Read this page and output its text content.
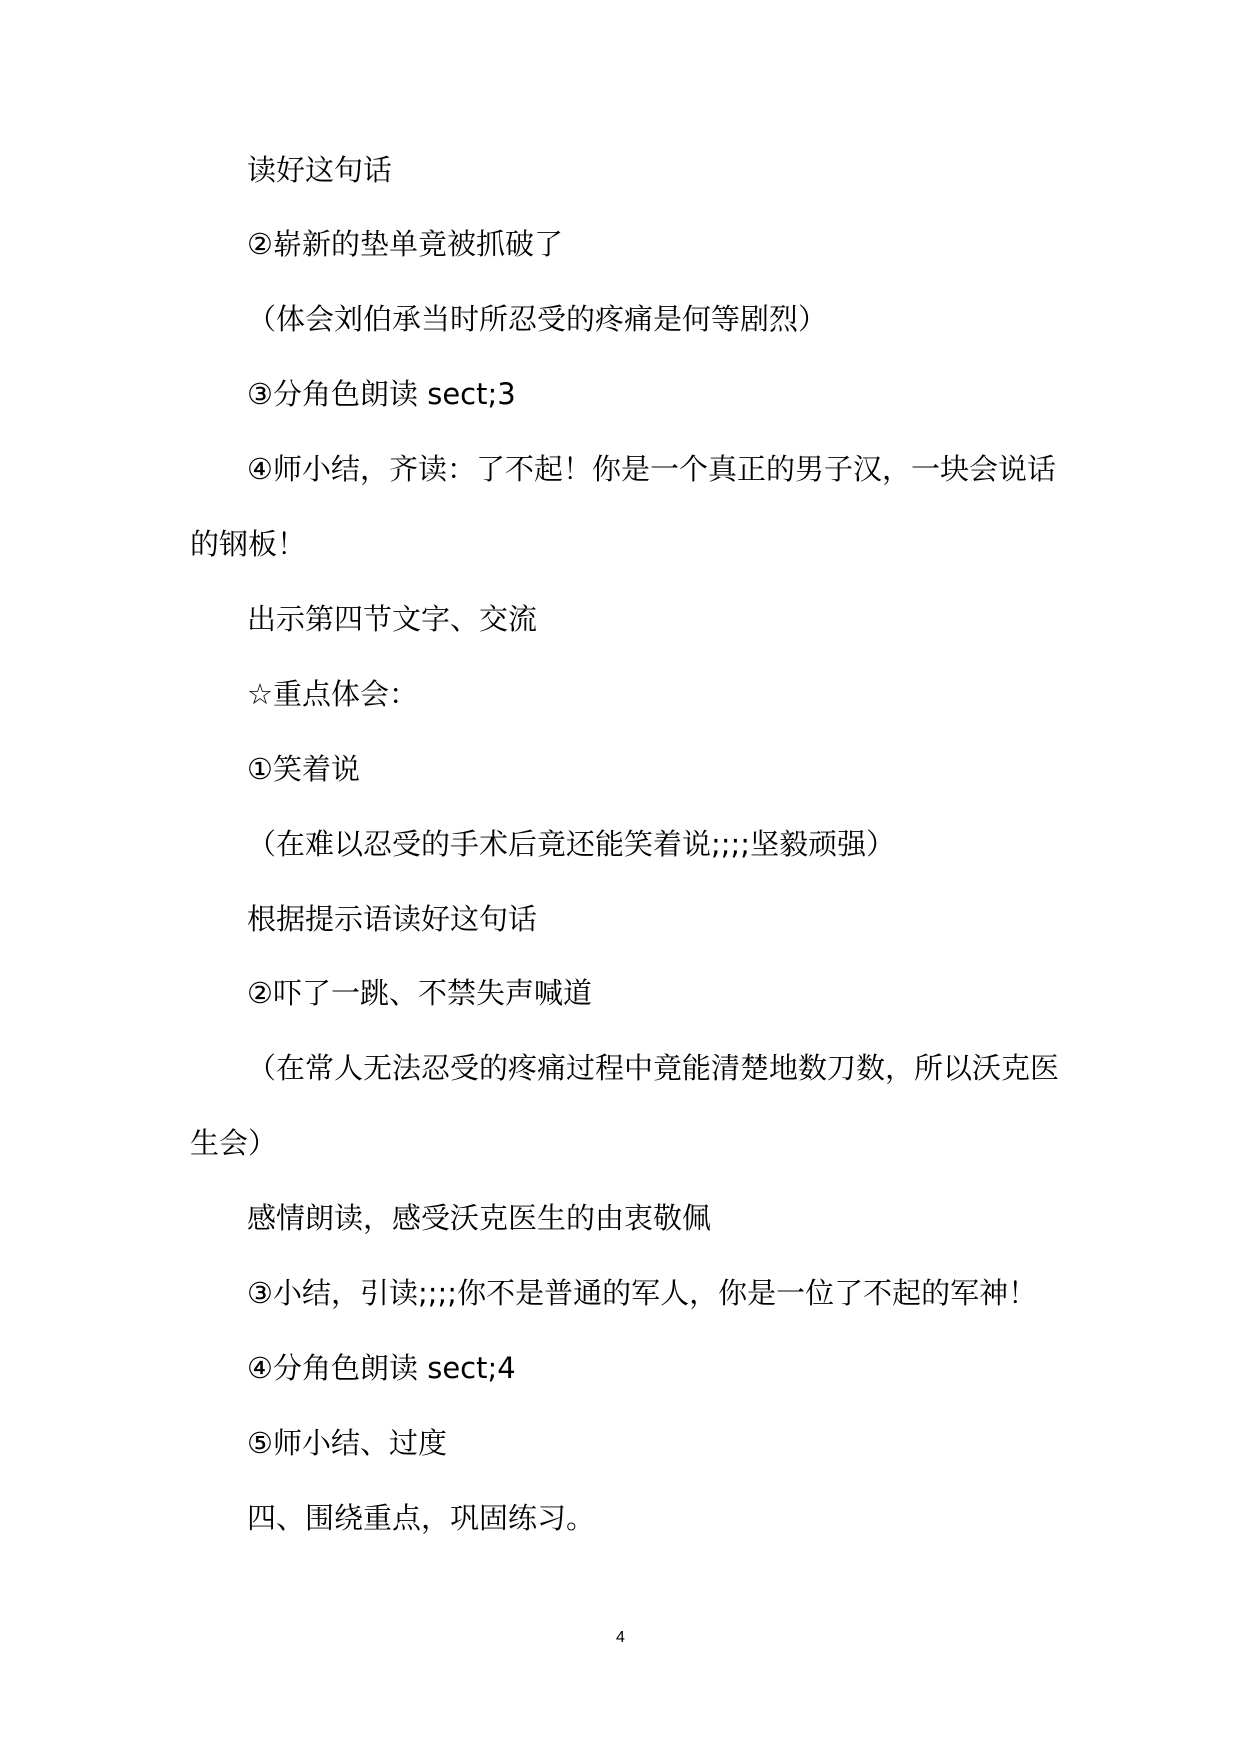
读好这句话
②崭新的垫单竟被抓破了
（体会刘伯承当时所忍受的疼痛是何等剧烈）
③分角色朗读 sect;3
④师小结，齐读：了不起！你是一个真正的男子汉，一块会说话
的钢板！
出示第四节文字、交流
☆重点体会：
①笑着说
（在难以忍受的手术后竟还能笑着说;;;;坚毅顽强）
根据提示语读好这句话
②吓了一跳、不禁失声喊道
（在常人无法忍受的疼痛过程中竟能清楚地数刀数，所以沃克医
生会）
感情朗读，感受沃克医生的由衷敬佩
③小结，引读;;;;你不是普通的军人，你是一位了不起的军神！
④分角色朗读 sect;4
⑤师小结、过度
四、围绕重点，巩固练习。
4
